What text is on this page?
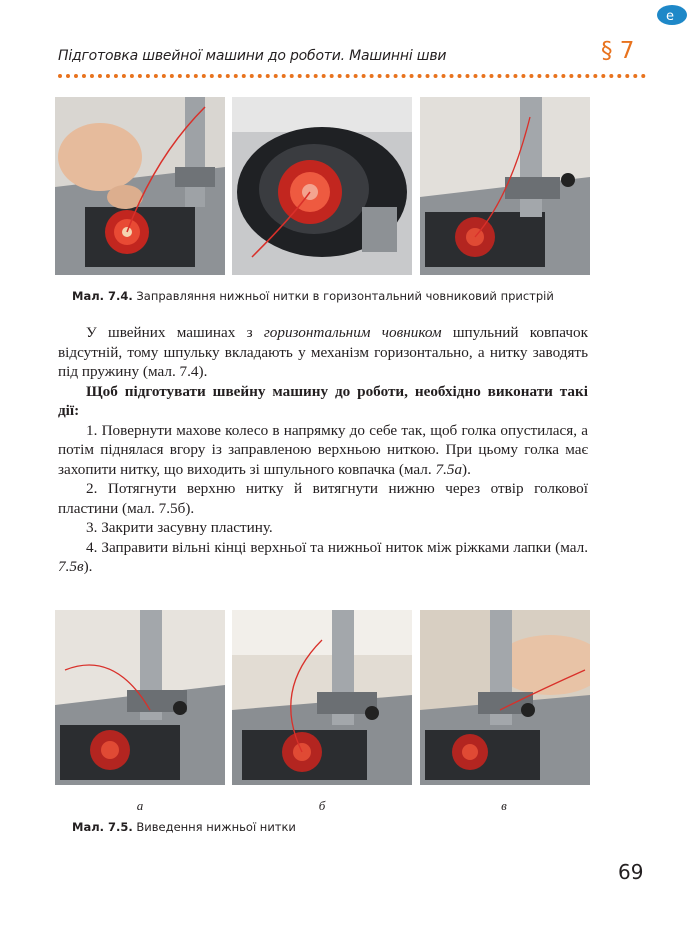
e
Підготовка швейної машини до роботи. Машинні шви	§ 7
Мал. 7.4. Заправляння нижньої нитки в горизонтальний човниковий пристрій

У швейних машинах з горизонтальним човником шпульний ковпачок відсутній, тому шпульку вкладають у механізм горизонтально, а нитку заводять під пружину (мал. 7.4).

Щоб підготувати швейну машину до роботи, необхідно виконати такі дії:

1. Повернути махове колесо в напрямку до себе так, щоб голка опустилася, а потім піднялася вгору із заправленою верхньою ниткою. При цьому голка має захопити нитку, що виходить зі шпульного ковпачка (мал. 7.5а).

2. Потягнути верхню нитку й витягнути нижню через отвір голкової пластини (мал. 7.5б).

3. Закрити засувну пластину.

4. Заправити вільні кінці верхньої та нижньої ниток між ріжками лапки (мал. 7.5в).

а	б	в
Мал. 7.5. Виведення нижньої нитки
69
